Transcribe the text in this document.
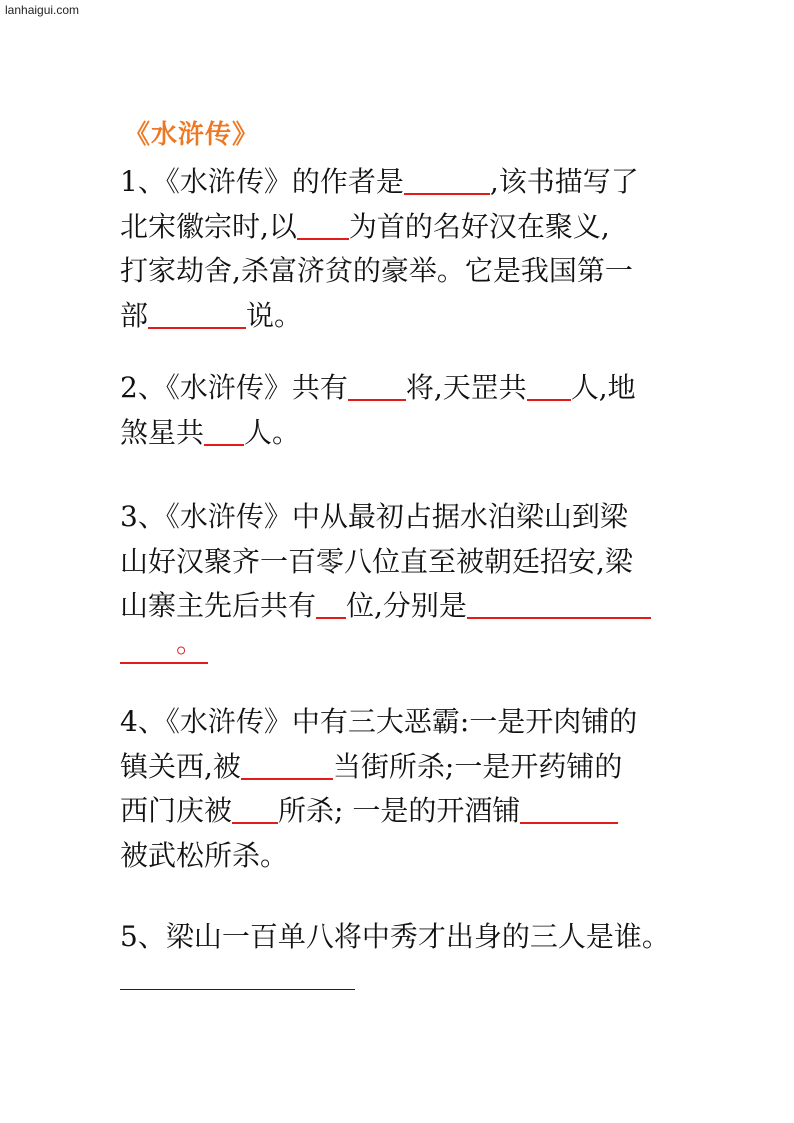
lanhaigui.com
《水浒传》
1、《水浒传》的作者是	,该书描写了
北宋徽宗时,以 为首的名好汉在聚义,
打家劫舍,杀富济贫的豪举。它是我国第一
部	说。
2、《水浒传》共有 将,天罡共 人,地
煞星共 人。
3、《水浒传》中从最初占据水泊梁山到梁
山好汉聚齐一百零八位直至被朝廷招安,梁
山寨主先后共有 位,分别是
。
4、《水浒传》中有三大恶霸:一是开肉铺的
镇关西,被	当街所杀;一是开药铺的
西门庆被 所杀; 一是的开酒铺
被武松所杀。
5、梁山一百单八将中秀才出身的三人是谁。
